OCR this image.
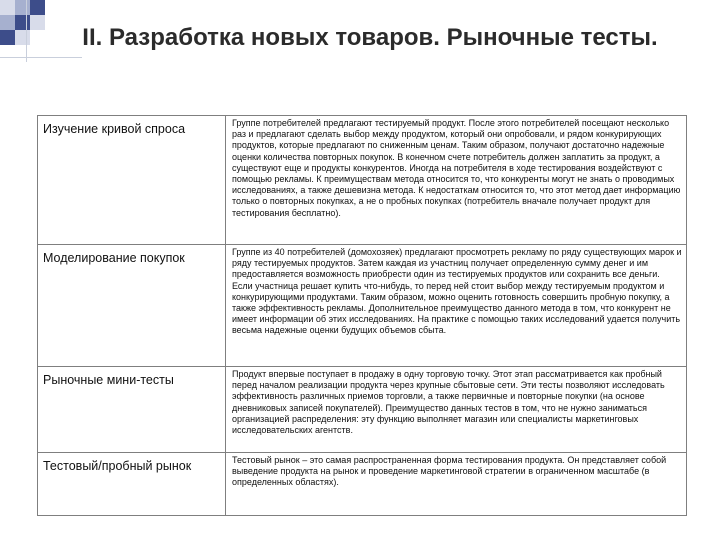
II. Разработка новых товаров. Рыночные тесты.
Изучение кривой спроса	Группе потребителей предлагают тестируемый продукт. После этого потребителей посещают несколько раз и предлагают сделать выбор между продуктом, который они опробовали, и рядом конкурирующих продуктов, которые предлагают по сниженным ценам. Таким образом, получают достаточно надежные оценки количества повторных покупок. В конечном счете потребитель должен заплатить за продукт, а существуют еще и продукты конкурентов. Иногда на потребителя в ходе тестирования воздействуют с помощью рекламы. К преимуществам метода относится то, что конкуренты могут не знать о проводимых исследованиях, а также дешевизна метода. К недостаткам относится то, что этот метод дает информацию только о повторных покупках, а не о пробных покупках (потребитель вначале получает продукт для тестирования бесплатно).
Моделирование покупок	Группе из 40 потребителей (домохозяек) предлагают просмотреть рекламу по ряду существующих марок и ряду тестируемых продуктов. Затем каждая из участниц получает определенную сумму денег и им предоставляется возможность приобрести один из тестируемых продуктов или сохранить все деньги. Если участница решает купить что-нибудь, то перед ней стоит выбор между тестируемым продуктом и конкурирующими продуктами. Таким образом, можно оценить готовность совершить пробную покупку, а также эффективность рекламы. Дополнительное преимущество данного метода в том, что конкурент не имеет информации об этих исследованиях. На практике с помощью таких исследований удается получить весьма надежные оценки будущих объемов сбыта.
Рыночные мини-тесты	Продукт впервые поступает в продажу в одну торговую точку. Этот этап рассматривается как пробный перед началом реализации продукта через крупные сбытовые сети. Эти тесты позволяют исследовать эффективность различных приемов торговли, а также первичные и повторные покупки (на основе дневниковых записей покупателей). Преимущество данных тестов в том, что не нужно заниматься организацией распределения: эту функцию выполняет магазин или специалисты маркетинговых исследовательских агентств.
Тестовый/пробный рынок	Тестовый рынок – это самая распространенная форма тестирования продукта. Он представляет собой выведение продукта на рынок и проведение маркетинговой стратегии в ограниченном масштабе (в определенных областях).
